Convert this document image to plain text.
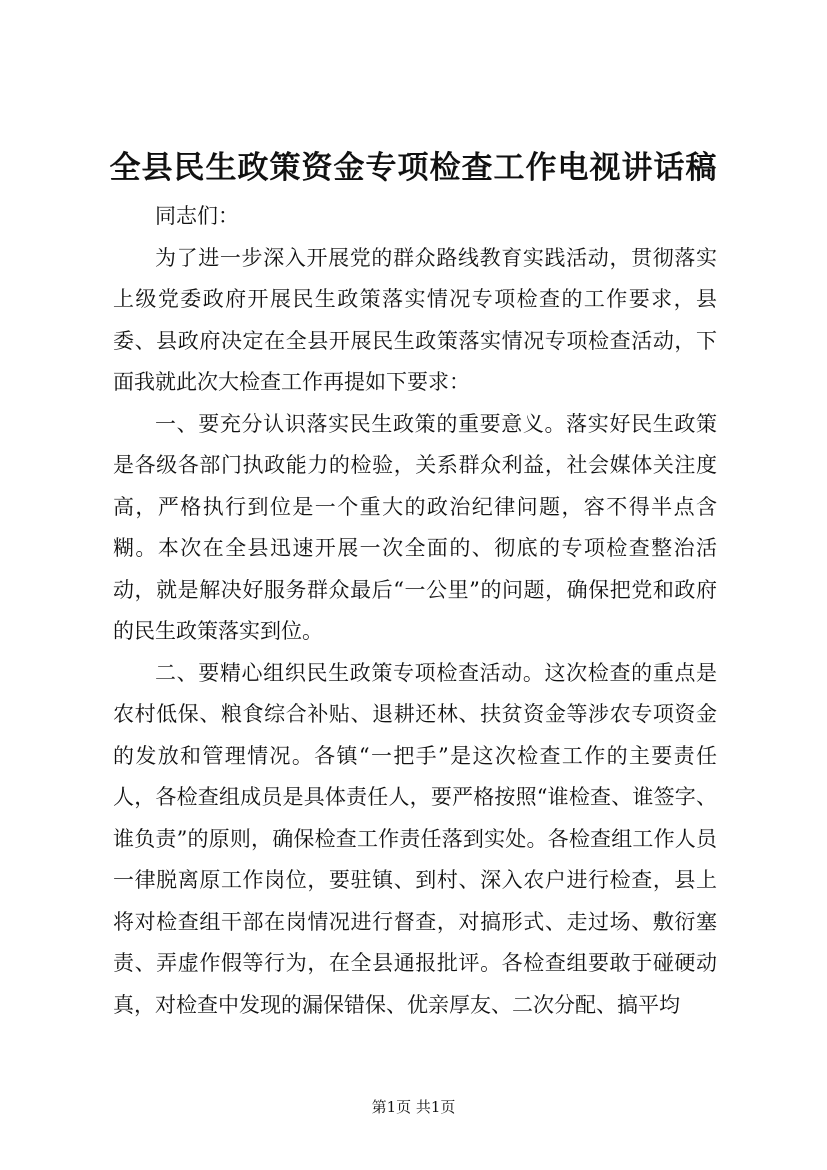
全县民生政策资金专项检查工作电视讲话稿

同志们：

为了进一步深入开展党的群众路线教育实践活动，贯彻落实上级党委政府开展民生政策落实情况专项检查的工作要求，县委、县政府决定在全县开展民生政策落实情况专项检查活动，下面我就此次大检查工作再提如下要求：

一、要充分认识落实民生政策的重要意义。落实好民生政策是各级各部门执政能力的检验，关系群众利益，社会媒体关注度高，严格执行到位是一个重大的政治纪律问题，容不得半点含糊。本次在全县迅速开展一次全面的、彻底的专项检查整治活动，就是解决好服务群众最后“一公里”的问题，确保把党和政府的民生政策落实到位。

二、要精心组织民生政策专项检查活动。这次检查的重点是农村低保、粮食综合补贴、退耕还林、扶贫资金等涉农专项资金的发放和管理情况。各镇“一把手”是这次检查工作的主要责任人，各检查组成员是具体责任人，要严格按照“谁检查、谁签字、谁负责”的原则，确保检查工作责任落到实处。各检查组工作人员一律脱离原工作岗位，要驻镇、到村、深入农户进行检查，县上将对检查组干部在岗情况进行督查，对搞形式、走过场、敷衍塞责、弄虚作假等行为，在全县通报批评。各检查组要敢于碰硬动真，对检查中发现的漏保错保、优亲厚友、二次分配、搞平均

第1页 共1页
